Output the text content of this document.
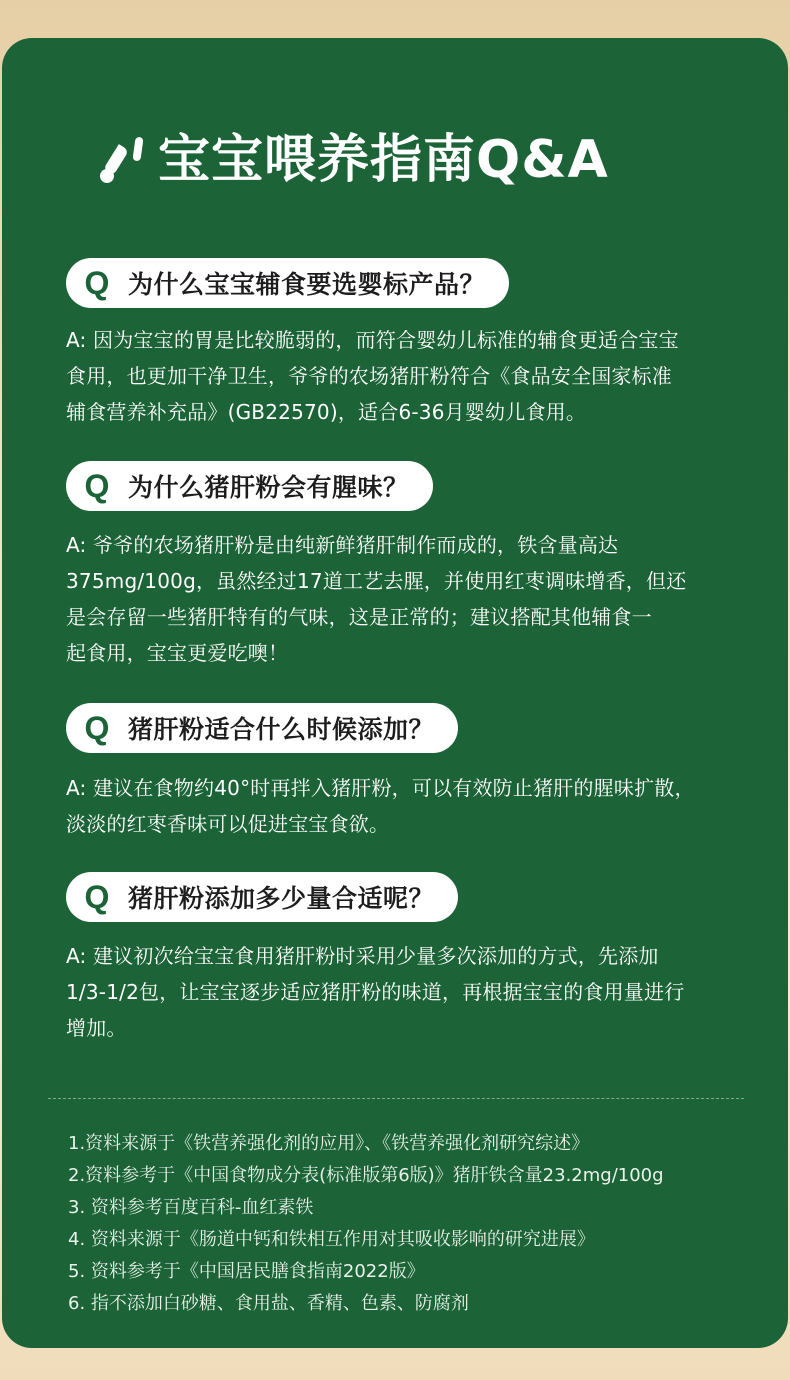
宝宝喂养指南Q&A
Q 为什么宝宝辅食要选婴标产品？
A: 因为宝宝的胃是比较脆弱的，而符合婴幼儿标准的辅食更适合宝宝
食用，也更加干净卫生，爷爷的农场猪肝粉符合《食品安全国家标准
辅食营养补充品》(GB22570)，适合6-36月婴幼儿食用。
Q 为什么猪肝粉会有腥味？
A: 爷爷的农场猪肝粉是由纯新鲜猪肝制作而成的，铁含量高达
375mg/100g，虽然经过17道工艺去腥，并使用红枣调味增香，但还
是会存留一些猪肝特有的气味，这是正常的；建议搭配其他辅食一
起食用，宝宝更爱吃噢！
Q 猪肝粉适合什么时候添加？
A: 建议在食物约40°时再拌入猪肝粉，可以有效防止猪肝的腥味扩散，
淡淡的红枣香味可以促进宝宝食欲。
Q 猪肝粉添加多少量合适呢？
A: 建议初次给宝宝食用猪肝粉时采用少量多次添加的方式，先添加
1/3-1/2包，让宝宝逐步适应猪肝粉的味道，再根据宝宝的食用量进行
增加。
1.资料来源于《铁营养强化剂的应用》、《铁营养强化剂研究综述》
2.资料参考于《中国食物成分表(标准版第6版)》猪肝铁含量23.2mg/100g
3. 资料参考百度百科-血红素铁
4. 资料来源于《肠道中钙和铁相互作用对其吸收影响的研究进展》
5. 资料参考于《中国居民膳食指南2022版》
6. 指不添加白砂糖、食用盐、香精、色素、防腐剂
